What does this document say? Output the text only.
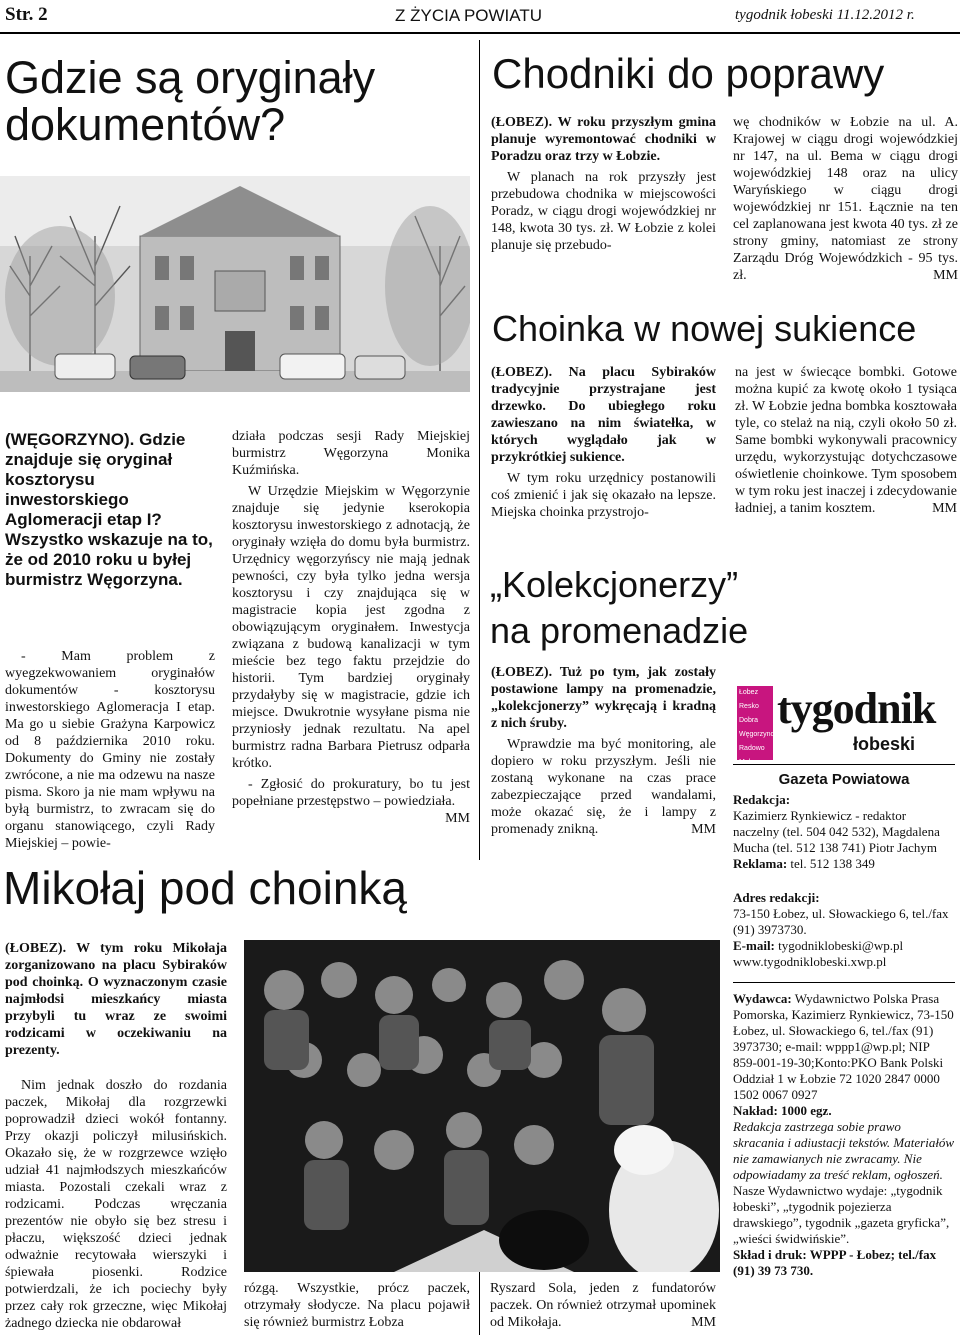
Str. 2	Z ŻYCIA POWIATU	tygodnik łobeski 11.12.2012 r.
Gdzie są oryginały
dokumentów?
(WĘGORZYNO). Gdzie znajduje się oryginał kosztorysu inwestorskiego Aglomeracji etap I? Wszystko wskazuje na to, że od 2010 roku u byłej burmistrz Węgorzyna.

- Mam problem z wyegzekwowaniem oryginałów dokumentów - kosztorysu inwestorskiego Aglomeracja I etap. Ma go u siebie Grażyna Karpowicz od 8 października 2010 roku. Dokumenty do Gminy nie zostały zwrócone, a nie ma odzewu na nasze pisma. Skoro ja nie mam wpływu na byłą burmistrz, to zwracam się do organu stanowiącego, czyli Rady Miejskiej – powie-

działa podczas sesji Rady Miejskiej burmistrz Węgorzyna Monika Kuźmińska.

W Urzędzie Miejskim w Węgorzynie znajduje się jedynie kserokopia kosztorysu inwestorskiego z adnotacją, że oryginały wzięła do domu była burmistrz. Urzędnicy węgorzyńscy nie mają jednak pewności, czy była tylko jedna wersja kosztorysu i czy znajdująca się w magistracie kopia jest zgodna z obowiązującym oryginałem. Inwestycja związana z budową kanalizacji w tym mieście bez tego faktu przejdzie do historii. Tym bardziej oryginały przydałyby się w magistracie, gdzie ich miejsce. Dwukrotnie wysyłane pisma nie przyniosły jednak rezultatu. Na apel burmistrz radna Barbara Pietrusz odparła krótko.

- Zgłosić do prokuratury, bo tu jest popełniane przestępstwo – powiedziała.
MM

Chodniki do poprawy

(ŁOBEZ). W roku przyszłym gmina planuje wyremontować chodniki w Poradzu oraz trzy w Łobzie.

W planach na rok przyszły jest przebudowa chodnika w miejscowości Poradz, w ciągu drogi wojewódzkiej nr 148, kwota 30 tys. zł. W Łobzie z kolei planuje się przebudo-

wę chodników w Łobzie na ul. A. Krajowej w ciągu drogi wojewódzkiej nr 147, na ul. Bema w ciągu drogi wojewódzkiej 148 oraz na ulicy Waryńskiego w ciągu drogi wojewódzkiej nr 151. Łącznie na ten cel zaplanowana jest kwota 40 tys. zł ze strony gminy, natomiast ze strony Zarządu Dróg Wojewódzkich - 95 tys. zł.	MM

Choinka w nowej sukience

(ŁOBEZ). Na placu Sybiraków tradycyjnie przystrajane jest drzewko. Do ubiegłego roku zawieszano na nim światełka, w których wyglądało jak w przykrótkiej sukience.

W tym roku urzędnicy postanowili coś zmienić i jak się okazało na lepsze. Miejska choinka przystrojo-

na jest w świecące bombki. Gotowe można kupić za kwotę około 1 tysiąca zł. W Łobzie jedna bombka kosztowała tyle, co stelaż na nią, czyli około 50 zł. Same bombki wykonywali pracownicy urzędu, wykorzystując dotychczasowe oświetlenie choinkowe. Tym sposobem w tym roku jest inaczej i zdecydowanie ładniej, a tanim kosztem.	MM

„Kolekcjonerzy”
na promenadzie

(ŁOBEZ). Tuż po tym, jak zostały postawione lampy na promenadzie, „kolekcjonerzy” wykręcają i kradną z nich śruby.

Wprawdzie ma być monitoring, ale dopiero w roku przyszłym. Jeśli nie zostaną wykonane na czas prace zabezpieczające przed wandalami, może okazać się, że i lampy z promenady znikną.	MM

Łobez
Resko
Dobra
Węgorzyno
Radowo Małe
tygodnik
łobeski
Gazeta Powiatowa
Redakcja:
Kazimierz Rynkiewicz - redaktor naczelny (tel. 504 042 532), Magdalena Mucha (tel. 512 138 741) Piotr Jachym
Reklama: tel. 512 138 349
Adres redakcji:
73-150 Łobez, ul. Słowackiego 6, tel./fax (91) 3973730.
E-mail: tygodniklobeski@wp.pl
www.tygodniklobeski.xwp.pl
Wydawca: Wydawnictwo Polska Prasa Pomorska, Kazimierz Rynkiewicz, 73-150 Łobez, ul. Słowackiego 6, tel./fax (91) 3973730; e-mail: wppp1@wp.pl; NIP 859-001-19-30;Konto:PKO Bank Polski Oddział 1 w Łobzie 72 1020 2847 0000 1502 0067 0927
Nakład: 1000 egz.
Redakcja zastrzega sobie prawo skracania i adiustacji tekstów. Materiałów nie zamawianych nie zwracamy. Nie odpowiadamy za treść reklam, ogłoszeń.
Nasze Wydawnictwo wydaje: „tygodnik łobeski”, „tygodnik pojezierza drawskiego”, tygodnik „gazeta gryficka”, „wieści świdwińskie”.
Skład i druk: WPPP - Łobez; tel./fax (91) 39 73 730.
Mikołaj pod choinką

(ŁOBEZ). W tym roku Mikołaja zorganizowano na placu Sybiraków pod choinką. O wyznaczonym czasie najmłodsi mieszkańcy miasta przybyli tu wraz ze swoimi rodzicami w oczekiwaniu na prezenty.

Nim jednak doszło do rozdania paczek, Mikołaj dla rozgrzewki poprowadził dzieci wokół fontanny. Przy okazji policzył milusińskich. Okazało się, że w rozgrzewce wzięło udział 41 najmłodszych mieszkańców miasta. Pozostali czekali wraz z rodzicami. Podczas wręczania prezentów nie obyło się bez stresu i płaczu, większość dzieci jednak odważnie recytowała wierszyki i śpiewała piosenki. Rodzice potwierdzali, że ich pociechy były przez cały rok grzeczne, więc Mikołaj żadnego dziecka nie obdarował

rózgą. Wszystkie, prócz paczek, otrzymały słodycze. Na placu pojawił się również burmistrz Łobza

Ryszard Sola, jeden z fundatorów paczek. On również otrzymał upominek od Mikołaja.	MM
